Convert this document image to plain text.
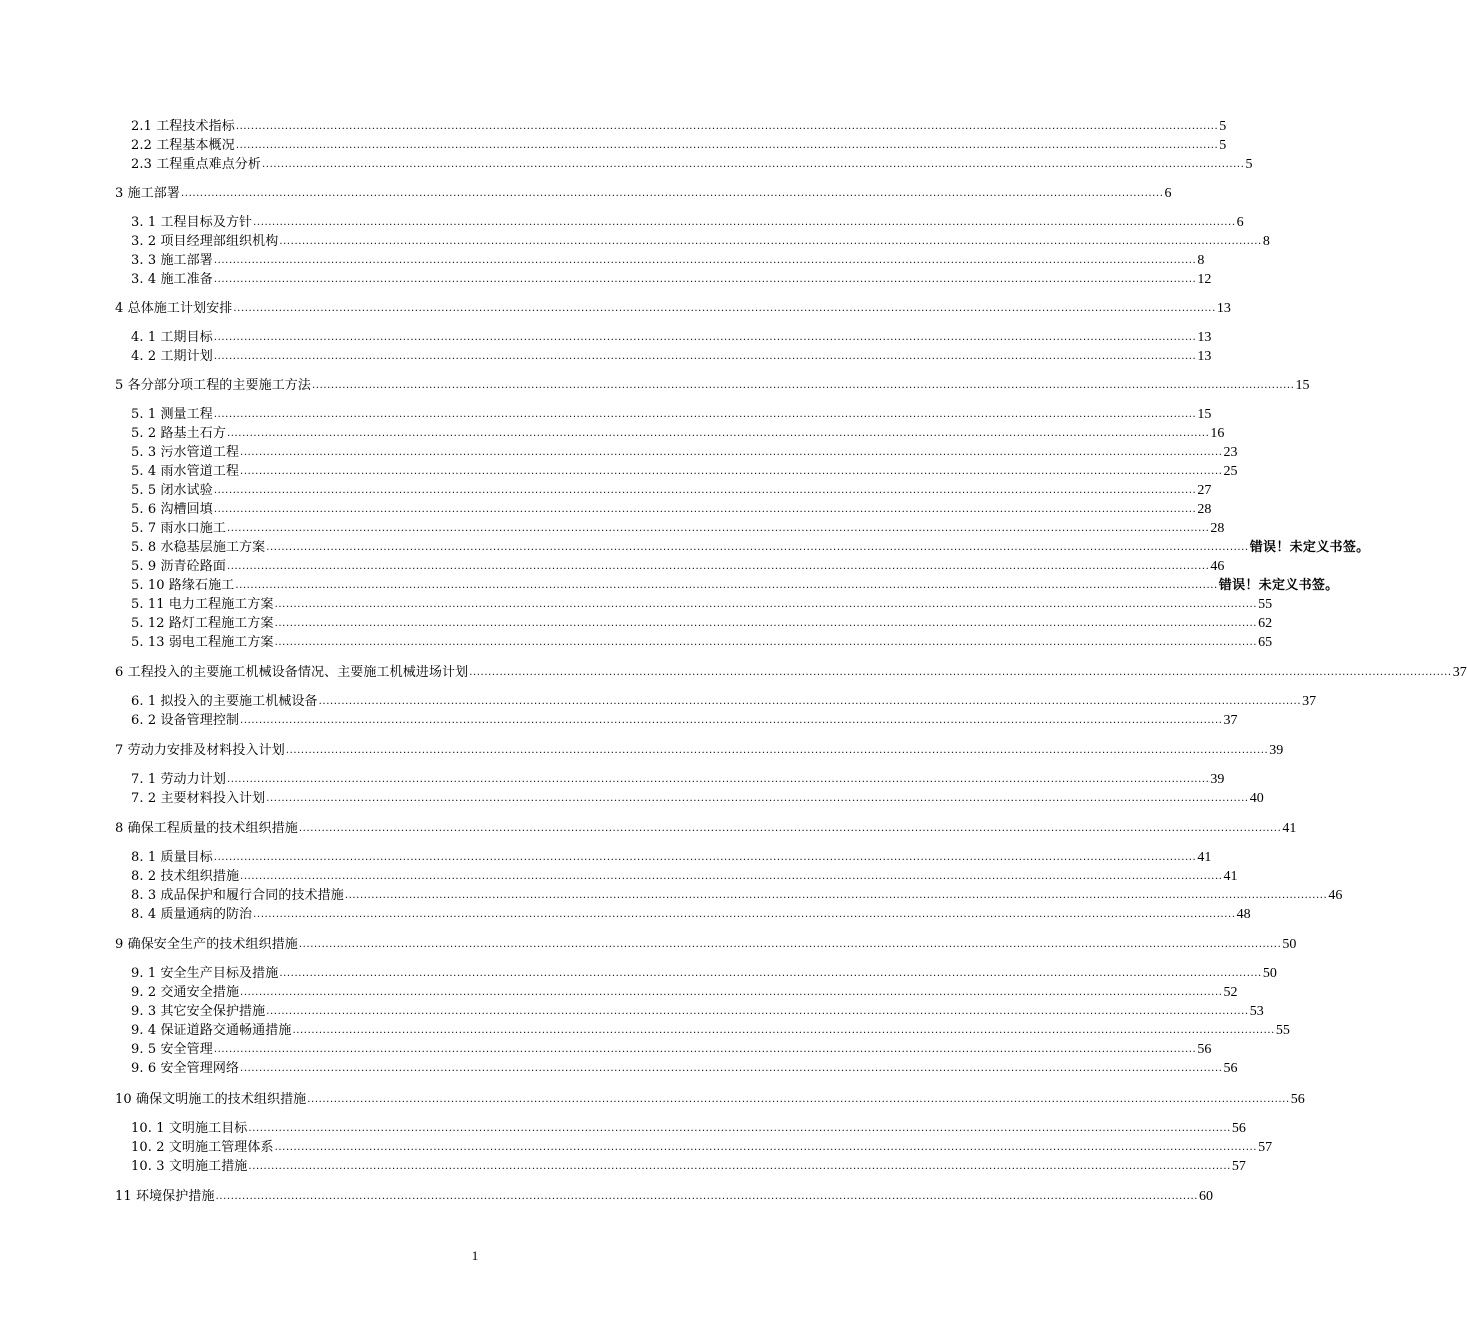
2.1 工程技术指标 .................................................................................................................................................................................................................................................................... 5
2.2 工程基本概况 .................................................................................................................................................................................................................................................................... 5
2.3 工程重点难点分析 .................................................................................................................................................................................................................................................................... 5
3 施工部署 .................................................................................................................................................................................................................................................................... 6
3. 1 工程目标及方针 .................................................................................................................................................................................................................................................................... 6
3. 2 项目经理部组织机构 .................................................................................................................................................................................................................................................................... 8
3. 3 施工部署 .................................................................................................................................................................................................................................................................... 8
3. 4 施工准备 .................................................................................................................................................................................................................................................................... 12
4 总体施工计划安排 .................................................................................................................................................................................................................................................................... 13
4. 1 工期目标 .................................................................................................................................................................................................................................................................... 13
4. 2 工期计划 .................................................................................................................................................................................................................................................................... 13
5 各分部分项工程的主要施工方法 .................................................................................................................................................................................................................................................................... 15
5. 1 测量工程 .................................................................................................................................................................................................................................................................... 15
5. 2 路基土石方 .................................................................................................................................................................................................................................................................... 16
5. 3 污水管道工程 .................................................................................................................................................................................................................................................................... 23
5. 4 雨水管道工程 .................................................................................................................................................................................................................................................................... 25
5. 5 闭水试验 .................................................................................................................................................................................................................................................................... 27
5. 6 沟槽回填 .................................................................................................................................................................................................................................................................... 28
5. 7 雨水口施工 .................................................................................................................................................................................................................................................................... 28
5. 8 水稳基层施工方案 .................................................................................................................................................................................................................................................................... 错误！未定义书签。
5. 9 沥青砼路面 .................................................................................................................................................................................................................................................................... 46
5. 10 路缘石施工 .................................................................................................................................................................................................................................................................... 错误！未定义书签。
5. 11 电力工程施工方案 .................................................................................................................................................................................................................................................................... 55
5. 12 路灯工程施工方案 .................................................................................................................................................................................................................................................................... 62
5. 13 弱电工程施工方案 .................................................................................................................................................................................................................................................................... 65
6 工程投入的主要施工机械设备情况、主要施工机械进场计划 .................................................................................................................................................................................................................................................................... 37
6. 1 拟投入的主要施工机械设备 .................................................................................................................................................................................................................................................................... 37
6. 2 设备管理控制 .................................................................................................................................................................................................................................................................... 37
7 劳动力安排及材料投入计划 .................................................................................................................................................................................................................................................................... 39
7. 1 劳动力计划 .................................................................................................................................................................................................................................................................... 39
7. 2 主要材料投入计划 .................................................................................................................................................................................................................................................................... 40
8 确保工程质量的技术组织措施 .................................................................................................................................................................................................................................................................... 41
8. 1 质量目标 .................................................................................................................................................................................................................................................................... 41
8. 2 技术组织措施 .................................................................................................................................................................................................................................................................... 41
8. 3 成品保护和履行合同的技术措施 .................................................................................................................................................................................................................................................................... 46
8. 4 质量通病的防治 .................................................................................................................................................................................................................................................................... 48
9 确保安全生产的技术组织措施 .................................................................................................................................................................................................................................................................... 50
9. 1 安全生产目标及措施 .................................................................................................................................................................................................................................................................... 50
9. 2 交通安全措施 .................................................................................................................................................................................................................................................................... 52
9. 3 其它安全保护措施 .................................................................................................................................................................................................................................................................... 53
9. 4 保证道路交通畅通措施 .................................................................................................................................................................................................................................................................... 55
9. 5 安全管理 .................................................................................................................................................................................................................................................................... 56
9. 6 安全管理网络 .................................................................................................................................................................................................................................................................... 56
10 确保文明施工的技术组织措施 .................................................................................................................................................................................................................................................................... 56
10. 1 文明施工目标 .................................................................................................................................................................................................................................................................... 56
10. 2 文明施工管理体系 .................................................................................................................................................................................................................................................................... 57
10. 3 文明施工措施 .................................................................................................................................................................................................................................................................... 57
11 环境保护措施 .................................................................................................................................................................................................................................................................... 60
1
